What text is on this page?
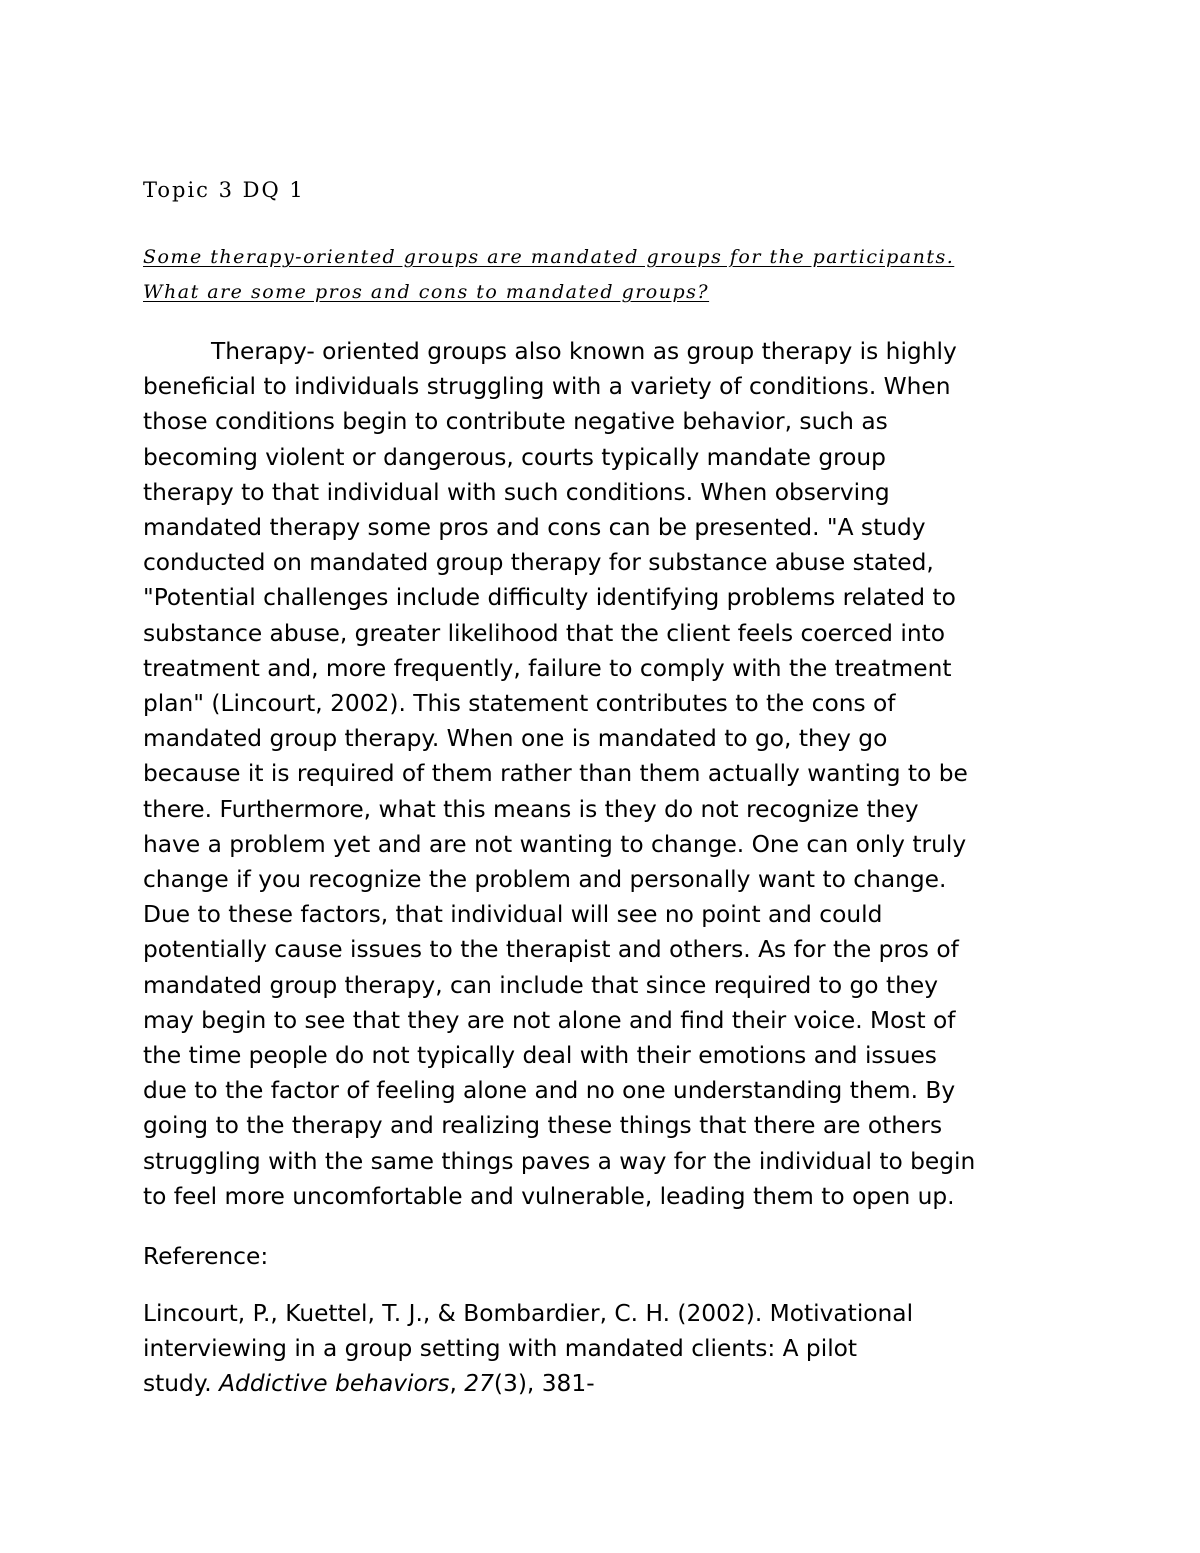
Topic 3 DQ 1

Some therapy-oriented groups are mandated groups for the participants.
What are some pros and cons to mandated groups?

Therapy- oriented groups also known as group therapy is highly
beneficial to individuals struggling with a variety of conditions. When
those conditions begin to contribute negative behavior, such as
becoming violent or dangerous, courts typically mandate group
therapy to that individual with such conditions. When observing
mandated therapy some pros and cons can be presented. "A study
conducted on mandated group therapy for substance abuse stated,
"Potential challenges include difficulty identifying problems related to
substance abuse, greater likelihood that the client feels coerced into
treatment and, more frequently, failure to comply with the treatment
plan" (Lincourt, 2002). This statement contributes to the cons of
mandated group therapy. When one is mandated to go, they go
because it is required of them rather than them actually wanting to be
there. Furthermore, what this means is they do not recognize they
have a problem yet and are not wanting to change. One can only truly
change if you recognize the problem and personally want to change.
Due to these factors, that individual will see no point and could
potentially cause issues to the therapist and others. As for the pros of
mandated group therapy, can include that since required to go they
may begin to see that they are not alone and find their voice. Most of
the time people do not typically deal with their emotions and issues
due to the factor of feeling alone and no one understanding them. By
going to the therapy and realizing these things that there are others
struggling with the same things paves a way for the individual to begin
to feel more uncomfortable and vulnerable, leading them to open up.

Reference:

Lincourt, P., Kuettel, T. J., & Bombardier, C. H. (2002). Motivational
interviewing in a group setting with mandated clients: A pilot
study. Addictive behaviors, 27(3), 381-
